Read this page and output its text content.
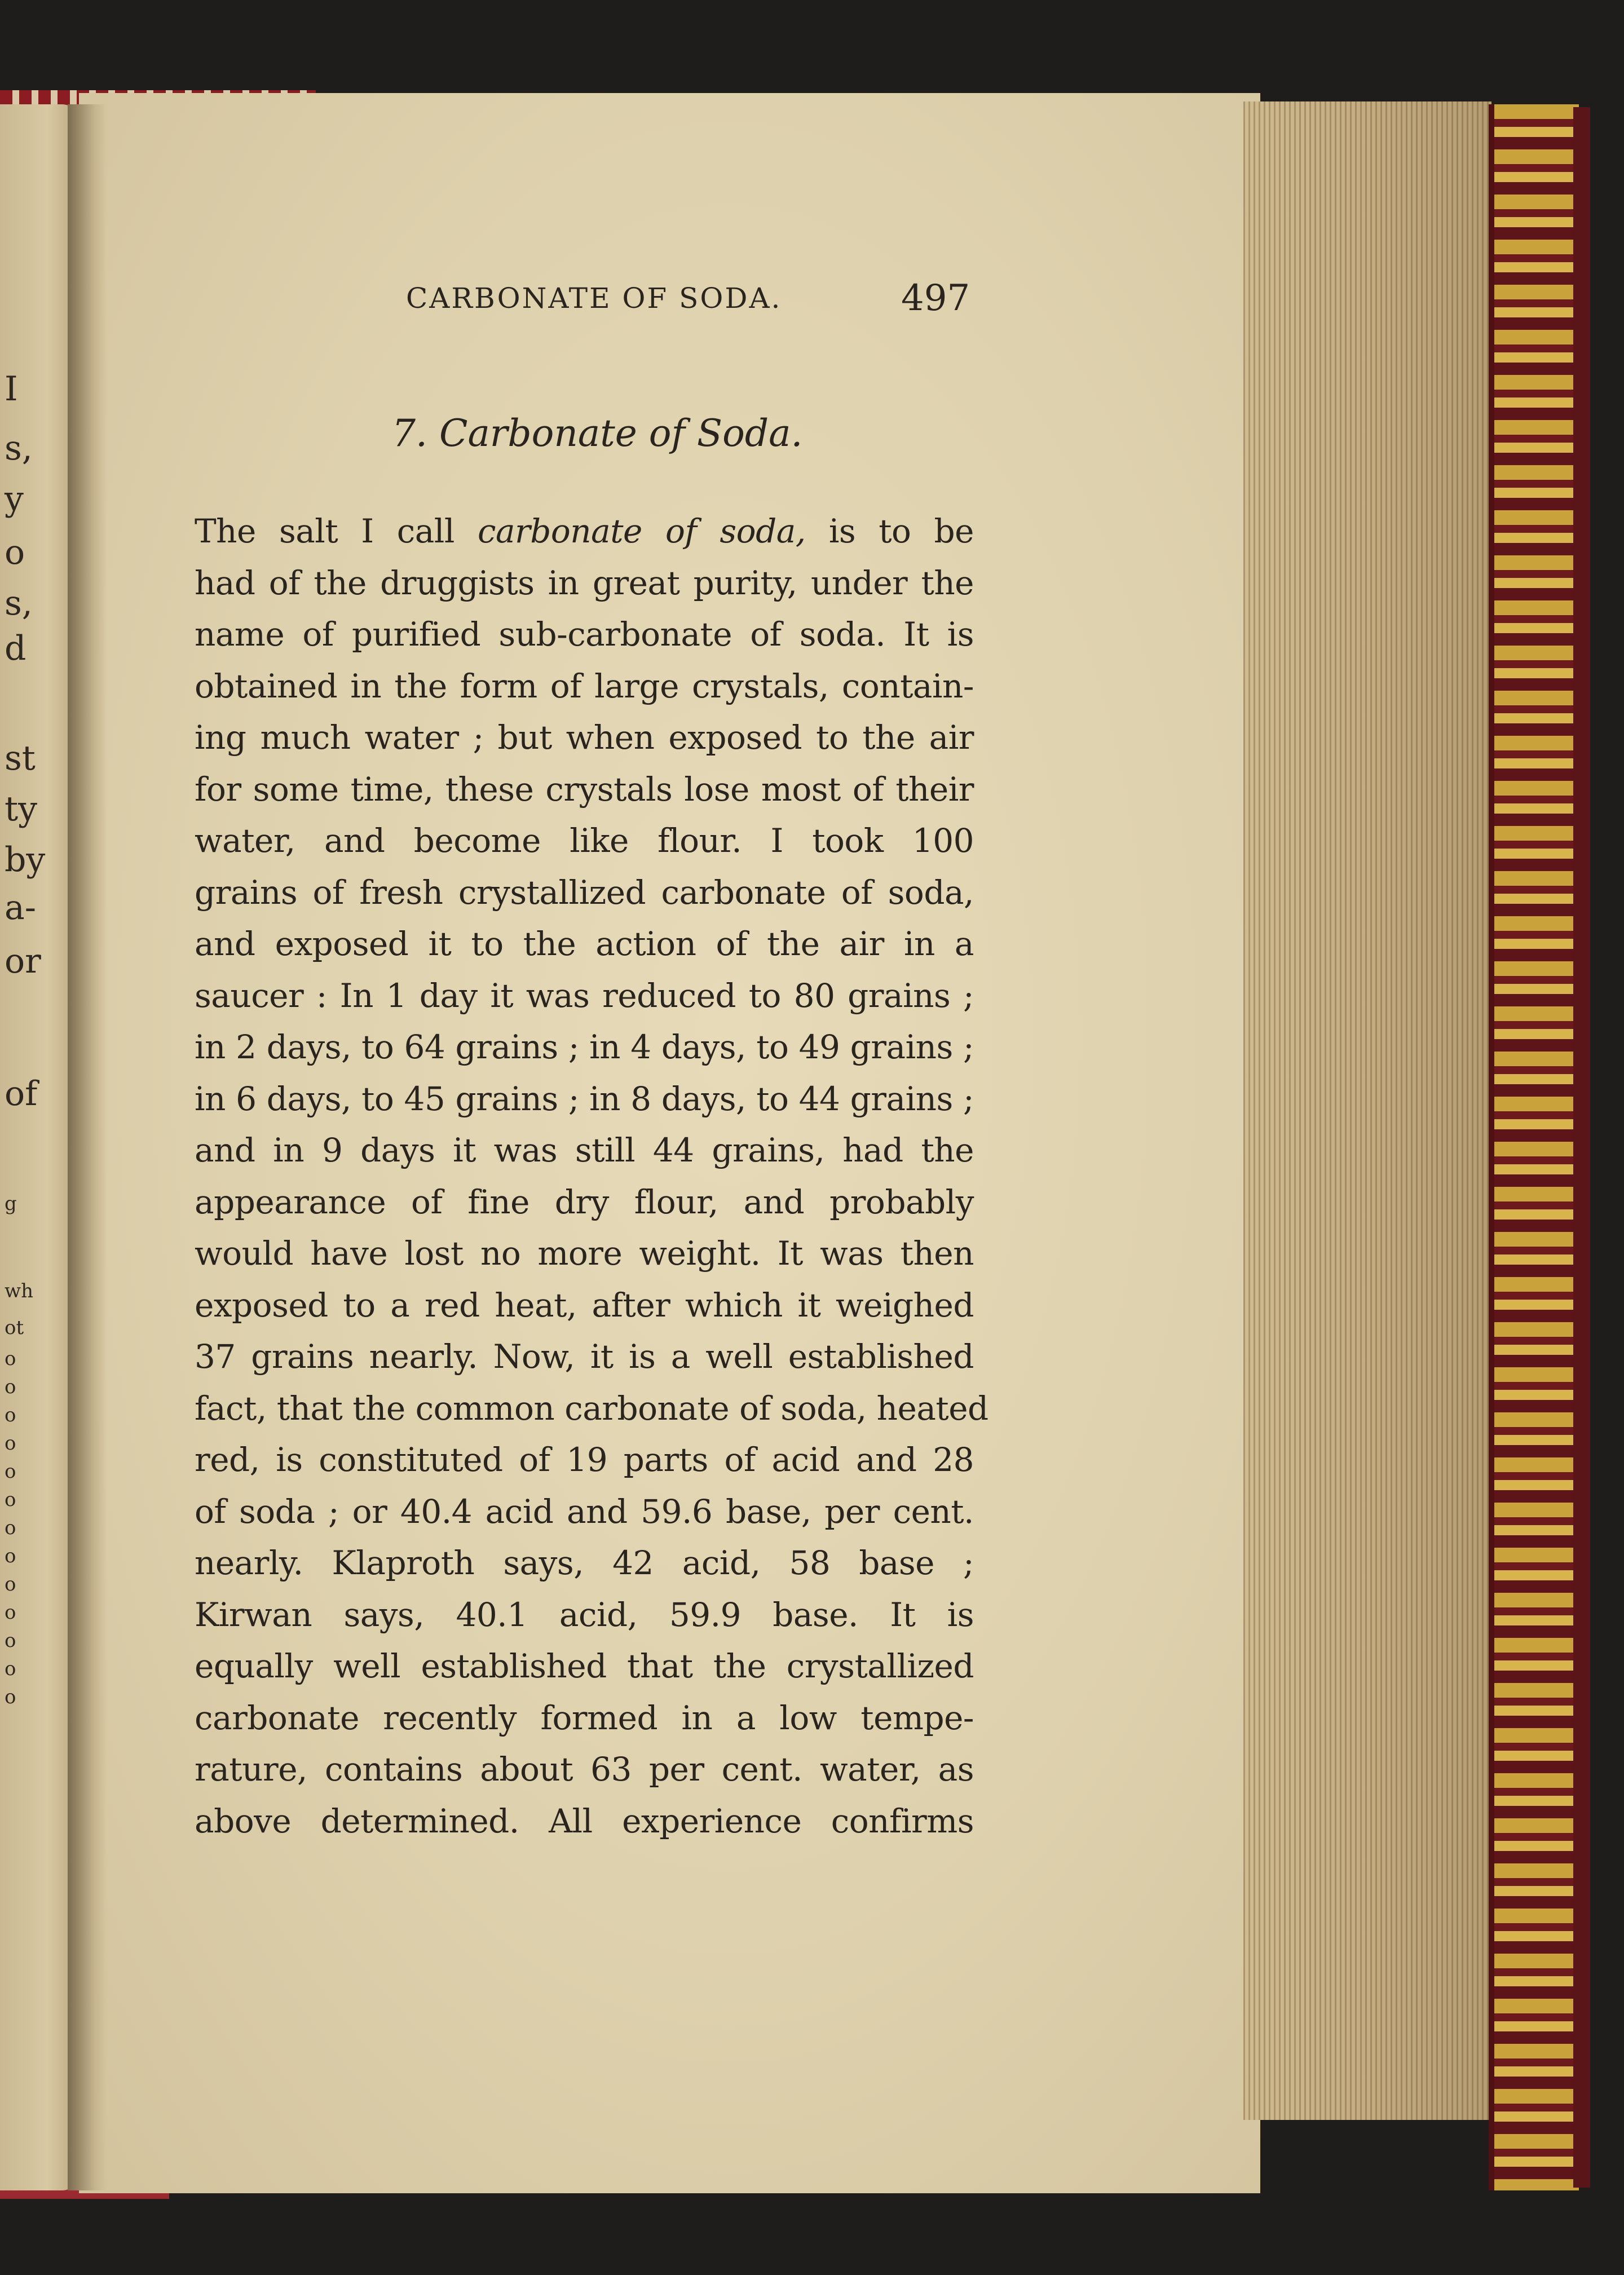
I
s,
y
o
s,
d
st
ty
by
a-
or
of
g
wh
ot
o
o
o
o
o
o
o
o
o
o
o
o
o
CARBONATE OF SODA.	497
7. Carbonate of Soda.
The salt I call carbonate of soda, is to be
had of the druggists in great purity, under the
name of purified sub-carbonate of soda. It is
obtained in the form of large crystals, contain-
ing much water ; but when exposed to the air
for some time, these crystals lose most of their
water, and become like flour. I took 100
grains of fresh crystallized carbonate of soda,
and exposed it to the action of the air in a
saucer : In 1 day it was reduced to 80 grains ;
in 2 days, to 64 grains ; in 4 days, to 49 grains ;
in 6 days, to 45 grains ; in 8 days, to 44 grains ;
and in 9 days it was still 44 grains, had the
appearance of fine dry flour, and probably
would have lost no more weight. It was then
exposed to a red heat, after which it weighed
37 grains nearly. Now, it is a well established
fact, that the common carbonate of soda, heated
red, is constituted of 19 parts of acid and 28
of soda ; or 40.4 acid and 59.6 base, per cent.
nearly. Klaproth says, 42 acid, 58 base ;
Kirwan says, 40.1 acid, 59.9 base. It is
equally well established that the crystallized
carbonate recently formed in a low tempe-
rature, contains about 63 per cent. water, as
above determined. All experience confirms
